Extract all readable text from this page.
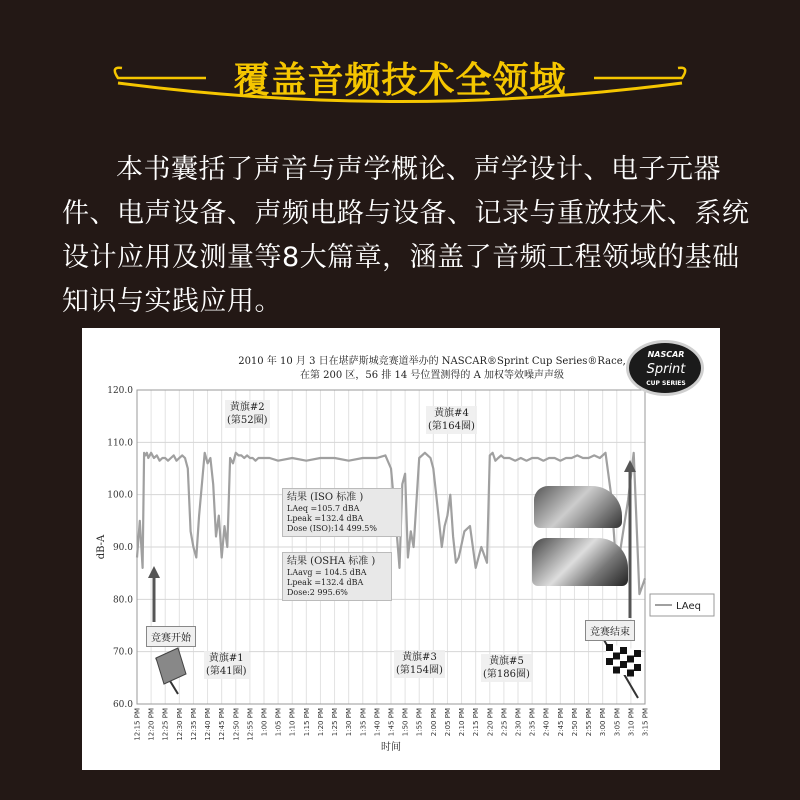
覆盖音频技术全领域
本书囊括了声音与声学概论、声学设计、电子元器件、电声设备、声频电路与设备、记录与重放技术、系统设计应用及测量等8大篇章，涵盖了音频工程领域的基础知识与实践应用。
12:15 PM 12:20 PM 12:25 PM 12:30 PM 12:35 PM 12:40 PM 12:45 PM 12:50 PM 12:55 PM 1:00 PM 1:05 PM 1:10 PM 1:15 PM 1:20 PM 1:25 PM 1:30 PM 1:35 PM 1:40 PM 1:45 PM 1:50 PM 1:55 PM 2:00 PM 2:05 PM 2:10 PM 2:15 PM 2:20 PM 2:25 PM 2:30 PM 2:35 PM 2:40 PM 2:45 PM 2:50 PM 2:55 PM 3:00 PM 3:05 PM 3:10 PM 3:15 PM
60.0
70.0
80.0
90.0
100.0
110.0
120.0
dB-A
时间
LAeq
2010 年 10 月 3 日在堪萨斯城竞赛道举办的 NASCAR®Sprint Cup Series®Race,
在第 200 区，56 排 14 号位置测得的 A 加权等效噪声声级
NASCAR
Sprint
CUP SERIES
黄旗#2
(第52圈)
黄旗#4
(第164圈)
黄旗#1
(第41圈)
黄旗#3
(第154圈)
黄旗#5
(第186圈)
结果 (ISO 标准 )
LAeq =105.7 dBA
Lpeak =132.4 dBA
Dose (ISO):14 499.5%
结果 (OSHA 标准 )
LAavg = 104.5 dBA
Lpeak =132.4 dBA
Dose:2 995.6%
竞赛开始
竞赛结束
